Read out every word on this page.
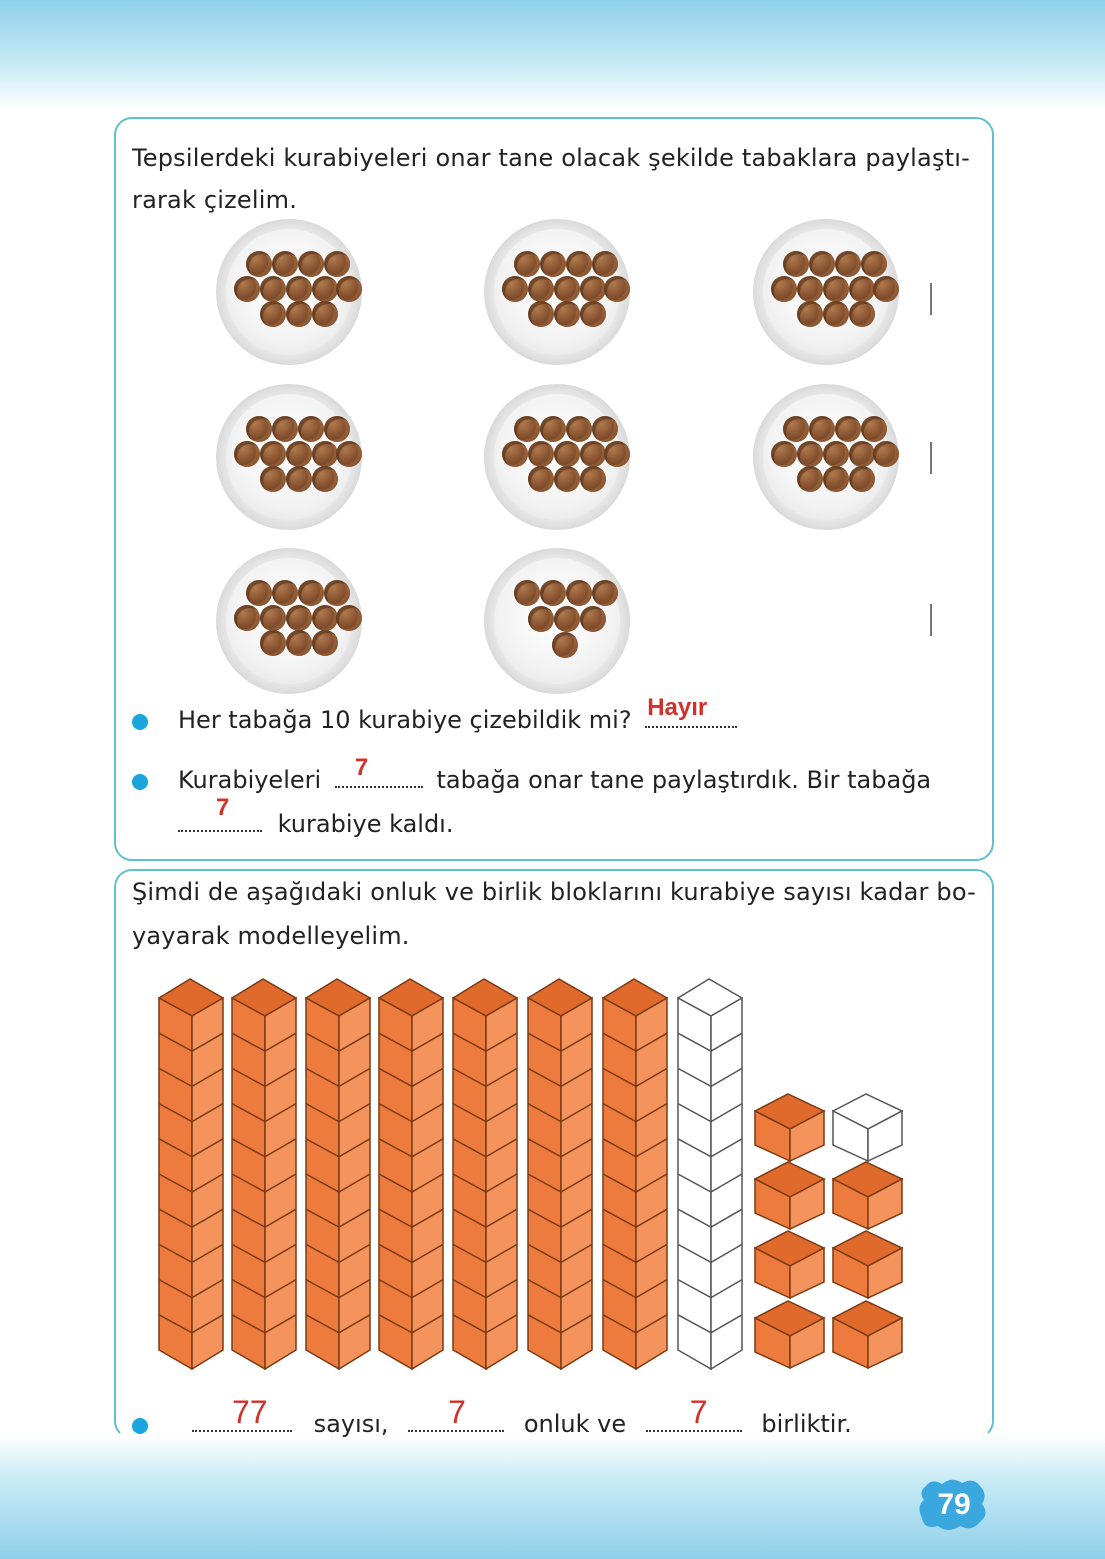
Tepsilerdeki kurabiyeleri onar tane olacak şekilde tabaklara paylaştı-
rarak çizelim.
Her tabağa 10 kurabiye çizebildik mi? Hayır
Kurabiyeleri 7	tabağa onar tane paylaştırdık. Bir tabağa
7
kurabiye kaldı.
Şimdi de aşağıdaki onluk ve birlik bloklarını kurabiye sayısı kadar bo-
yayarak modelleyelim.
77 sayısı, 7 onluk ve 7 birliktir.
79
